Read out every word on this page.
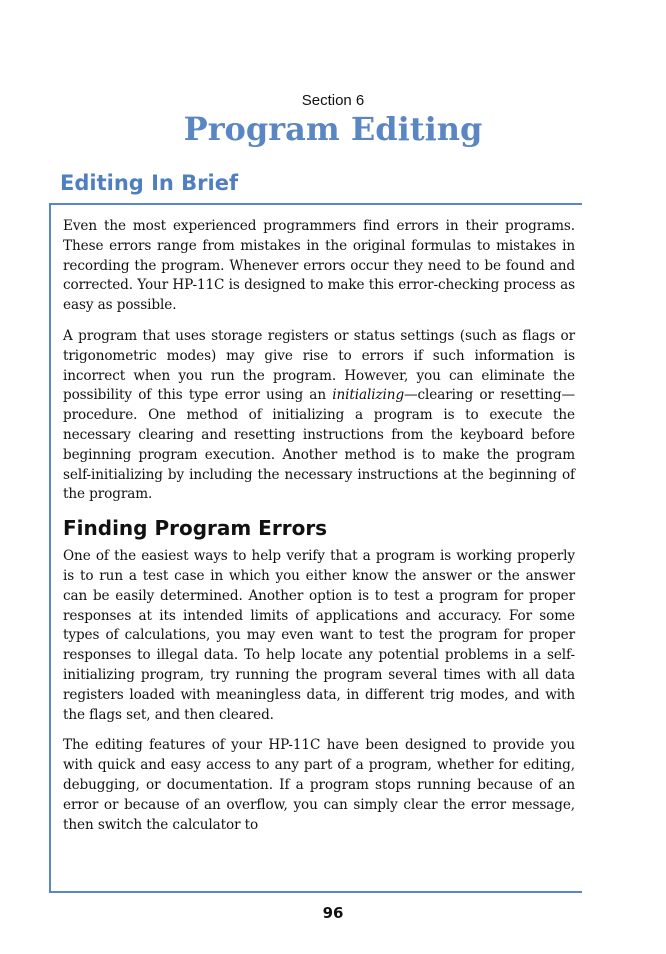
Section 6
Program Editing
Editing In Brief

Even the most experienced programmers find errors in their programs. These errors range from mistakes in the original formulas to mistakes in recording the program. Whenever errors occur they need to be found and corrected. Your HP-11C is designed to make this error-checking process as easy as possible.

A program that uses storage registers or status settings (such as flags or trigonometric modes) may give rise to errors if such information is incorrect when you run the program. However, you can eliminate the possibility of this type error using an initializing—clearing or resetting—procedure. One method of initializing a program is to execute the necessary clearing and resetting instructions from the keyboard before beginning program execution. Another method is to make the program self-initializing by including the necessary instructions at the beginning of the program.

Finding Program Errors

One of the easiest ways to help verify that a program is working properly is to run a test case in which you either know the answer or the answer can be easily determined. Another option is to test a program for proper responses at its intended limits of applications and accuracy. For some types of calculations, you may even want to test the program for proper responses to illegal data. To help locate any potential problems in a self-initializing program, try running the program several times with all data registers loaded with meaningless data, in different trig modes, and with the flags set, and then cleared.

The editing features of your HP-11C have been designed to provide you with quick and easy access to any part of a program, whether for editing, debugging, or documentation. If a program stops running because of an error or because of an overflow, you can simply clear the error message, then switch the calculator to

96
